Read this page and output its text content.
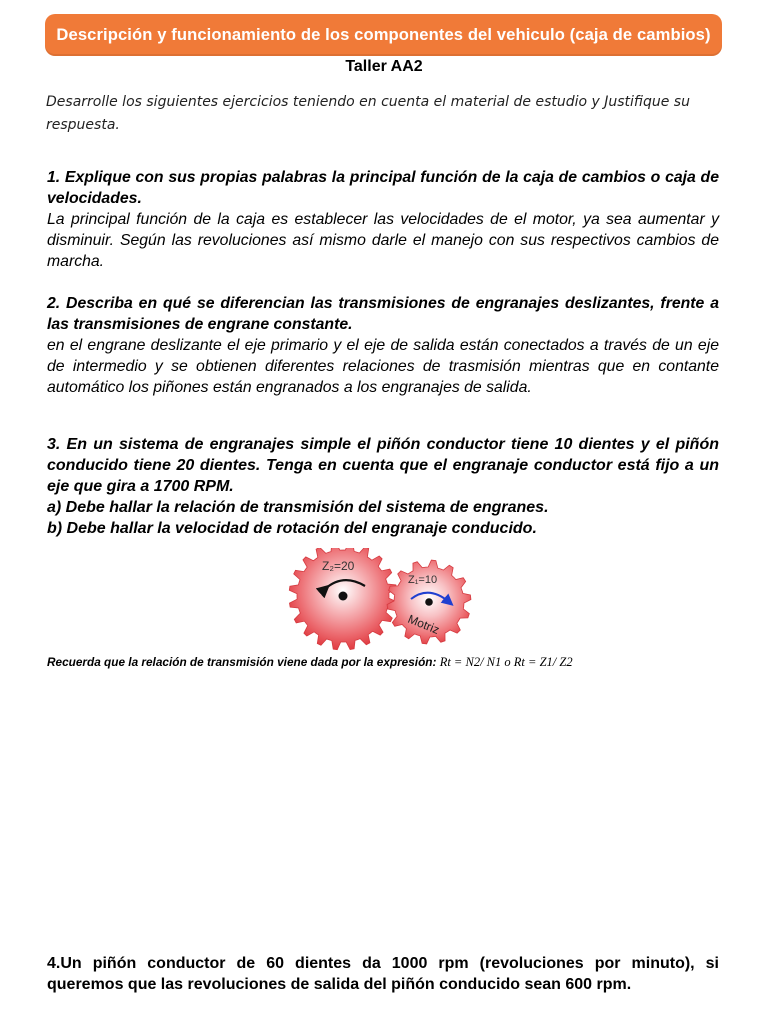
Descripción y funcionamiento de los componentes del vehiculo (caja de cambios)
Taller AA2
Desarrolle los siguientes ejercicios teniendo en cuenta el material de estudio y Justifique su respuesta.
1. Explique con sus propias palabras la principal función de la caja de cambios o caja de velocidades.
La principal función de la caja es establecer las velocidades de el motor, ya sea aumentar y disminuir. Según las revoluciones así mismo darle el manejo con sus respectivos cambios de marcha.
2. Describa en qué se diferencian las transmisiones de engranajes deslizantes, frente a las transmisiones de engrane constante.
en el engrane deslizante el eje primario y el eje de salida están conectados a través de un eje de intermedio y se obtienen diferentes relaciones de trasmisión mientras que en contante automático los piñones están engranados a los engranajes de salida.
3. En un sistema de engranajes simple el piñón conductor tiene 10 dientes y el piñón conducido tiene 20 dientes. Tenga en cuenta que el engranaje conductor está fijo a un eje que gira a 1700 RPM.
a) Debe hallar la relación de transmisión del sistema de engranes.
b) Debe hallar la velocidad de rotación del engranaje conducido.
Z₂=20
Z₁=10
Motriz
Recuerda que la relación de transmisión viene dada por la expresión: Rt = N2/ N1 o Rt = Z1/ Z2
4.Un piñón conductor de 60 dientes da 1000 rpm (revoluciones por minuto), si queremos que las revoluciones de salida del piñón conducido sean 600 rpm.
